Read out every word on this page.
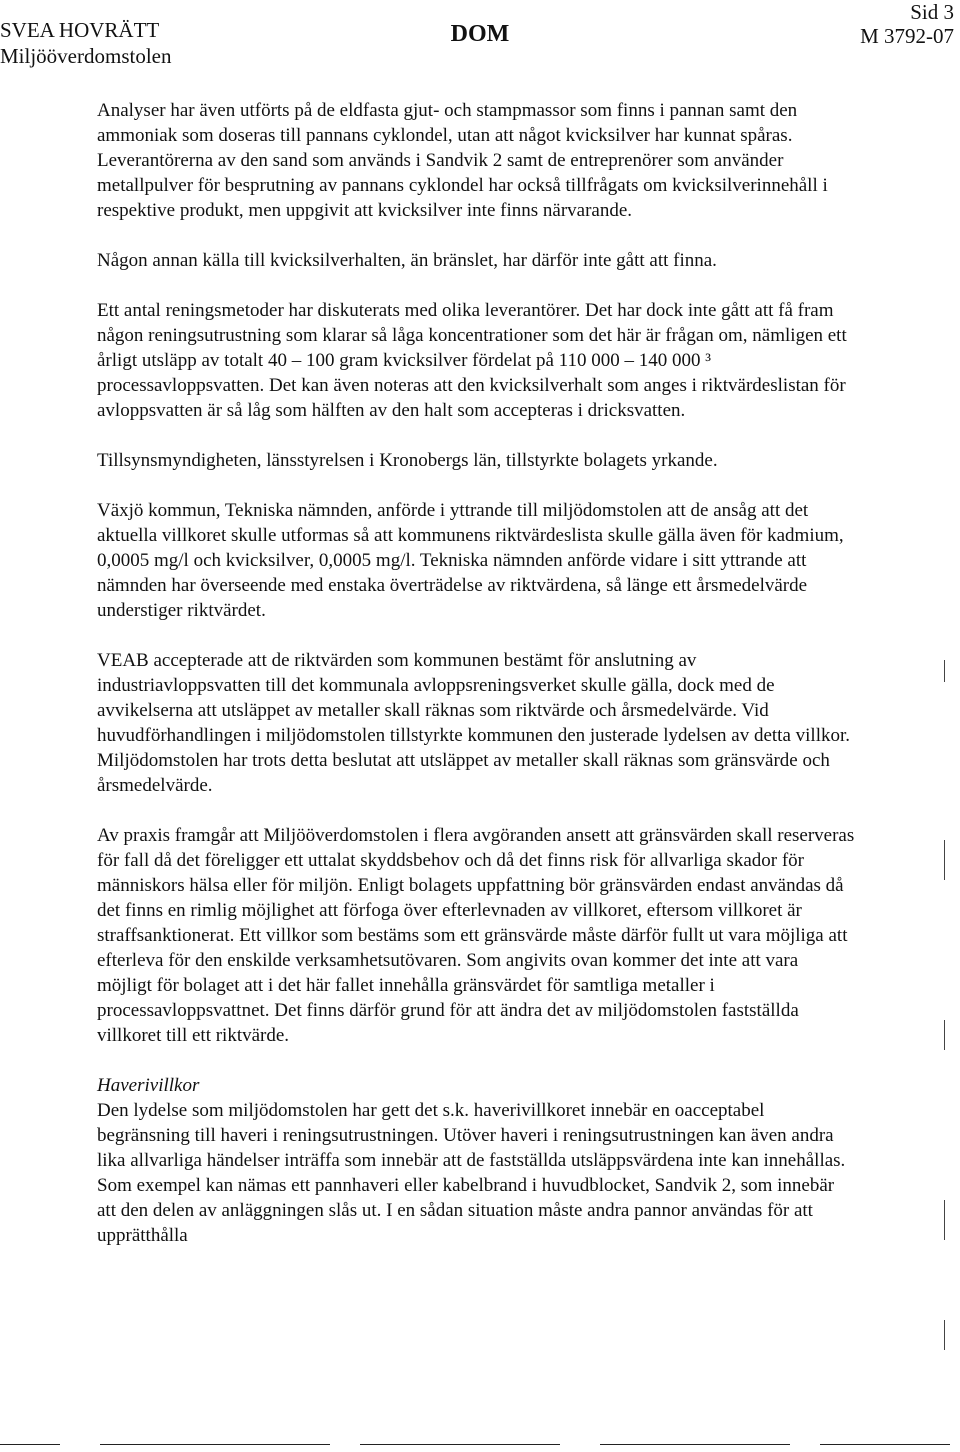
SVEA HOVRÄTT
Miljööverdomstolen
DOM
Sid 3
M 3792-07

Analyser har även utförts på de eldfasta gjut- och stampmassor som finns i pannan samt den ammoniak som doseras till pannans cyklondel, utan att något kvicksilver har kunnat spåras. Leverantörerna av den sand som används i Sandvik 2 samt de entreprenörer som använder metallpulver för besprutning av pannans cyklondel har också tillfrågats om kvicksilverinnehåll i respektive produkt, men uppgivit att kvicksilver inte finns närvarande.

Någon annan källa till kvicksilverhalten, än bränslet, har därför inte gått att finna.

Ett antal reningsmetoder har diskuterats med olika leverantörer. Det har dock inte gått att få fram någon reningsutrustning som klarar så låga koncentrationer som det här är frågan om, nämligen ett årligt utsläpp av totalt 40 – 100 gram kvicksilver fördelat på 110 000 – 140 000 ³ processavloppsvatten. Det kan även noteras att den kvicksilverhalt som anges i riktvärdeslistan för avloppsvatten är så låg som hälften av den halt som accepteras i dricksvatten.

Tillsynsmyndigheten, länsstyrelsen i Kronobergs län, tillstyrkte bolagets yrkande.

Växjö kommun, Tekniska nämnden, anförde i yttrande till miljödomstolen att de ansåg att det aktuella villkoret skulle utformas så att kommunens riktvärdeslista skulle gälla även för kadmium, 0,0005 mg/l och kvicksilver, 0,0005 mg/l. Tekniska nämnden anförde vidare i sitt yttrande att nämnden har överseende med enstaka överträdelse av riktvärdena, så länge ett årsmedelvärde understiger riktvärdet.

VEAB accepterade att de riktvärden som kommunen bestämt för anslutning av industriavloppsvatten till det kommunala avloppsreningsverket skulle gälla, dock med de avvikelserna att utsläppet av metaller skall räknas som riktvärde och årsmedelvärde. Vid huvudförhandlingen i miljödomstolen tillstyrkte kommunen den justerade lydelsen av detta villkor. Miljödomstolen har trots detta beslutat att utsläppet av metaller skall räknas som gränsvärde och årsmedelvärde.

Av praxis framgår att Miljööverdomstolen i flera avgöranden ansett att gränsvärden skall reserveras för fall då det föreligger ett uttalat skyddsbehov och då det finns risk för allvarliga skador för människors hälsa eller för miljön. Enligt bolagets uppfattning bör gränsvärden endast användas då det finns en rimlig möjlighet att förfoga över efterlevnaden av villkoret, eftersom villkoret är straffsanktionerat. Ett villkor som bestäms som ett gränsvärde måste därför fullt ut vara möjliga att efterleva för den enskilde verksamhetsutövaren. Som angivits ovan kommer det inte att vara möjligt för bolaget att i det här fallet innehålla gränsvärdet för samtliga metaller i processavloppsvattnet. Det finns därför grund för att ändra det av miljödomstolen fastställda villkoret till ett riktvärde.

Haverivillkor

Den lydelse som miljödomstolen har gett det s.k. haverivillkoret innebär en oacceptabel begränsning till haveri i reningsutrustningen. Utöver haveri i reningsutrustningen kan även andra lika allvarliga händelser inträffa som innebär att de fastställda utsläppsvärdena inte kan innehållas. Som exempel kan nämas ett pannhaveri eller kabelbrand i huvudblocket, Sandvik 2, som innebär att den delen av anläggningen slås ut. I en sådan situation måste andra pannor användas för att upprätthålla
